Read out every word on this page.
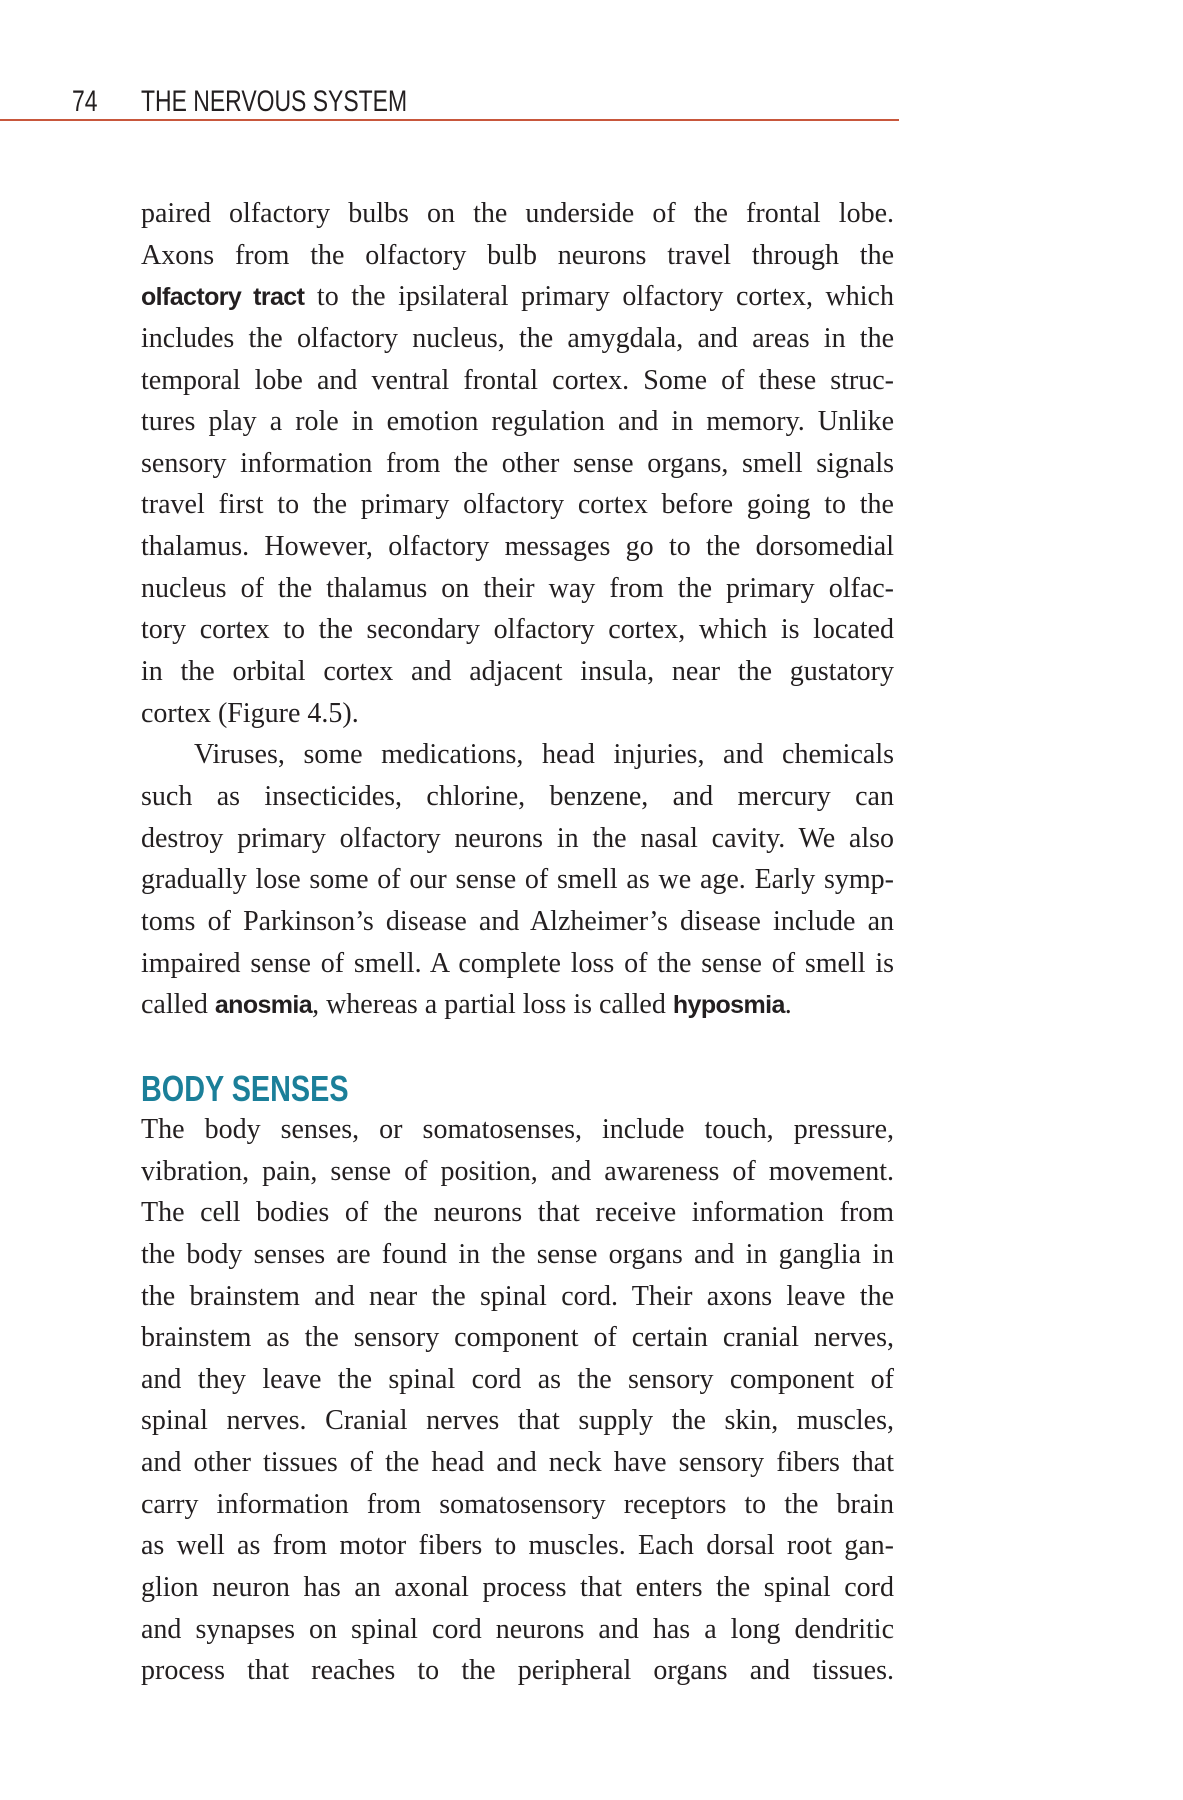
74 THE NERVOUS SYSTEM
paired olfactory bulbs on the underside of the frontal lobe.
Axons from the olfactory bulb neurons travel through the
olfactory tract to the ipsilateral primary olfactory cortex, which
includes the olfactory nucleus, the amygdala, and areas in the
temporal lobe and ventral frontal cortex. Some of these struc-
tures play a role in emotion regulation and in memory. Unlike
sensory information from the other sense organs, smell signals
travel first to the primary olfactory cortex before going to the
thalamus. However, olfactory messages go to the dorsomedial
nucleus of the thalamus on their way from the primary olfac-
tory cortex to the secondary olfactory cortex, which is located
in the orbital cortex and adjacent insula, near the gustatory
cortex (Figure 4.5).
Viruses, some medications, head injuries, and chemicals
such as insecticides, chlorine, benzene, and mercury can
destroy primary olfactory neurons in the nasal cavity. We also
gradually lose some of our sense of smell as we age. Early symp-
toms of Parkinson’s disease and Alzheimer’s disease include an
impaired sense of smell. A complete loss of the sense of smell is
called anosmia, whereas a partial loss is called hyposmia.
BODY SENSES
The body senses, or somatosenses, include touch, pressure,
vibration, pain, sense of position, and awareness of movement.
The cell bodies of the neurons that receive information from
the body senses are found in the sense organs and in ganglia in
the brainstem and near the spinal cord. Their axons leave the
brainstem as the sensory component of certain cranial nerves,
and they leave the spinal cord as the sensory component of
spinal nerves. Cranial nerves that supply the skin, muscles,
and other tissues of the head and neck have sensory fibers that
carry information from somatosensory receptors to the brain
as well as from motor fibers to muscles. Each dorsal root gan-
glion neuron has an axonal process that enters the spinal cord
and synapses on spinal cord neurons and has a long dendritic
process that reaches to the peripheral organs and tissues.
